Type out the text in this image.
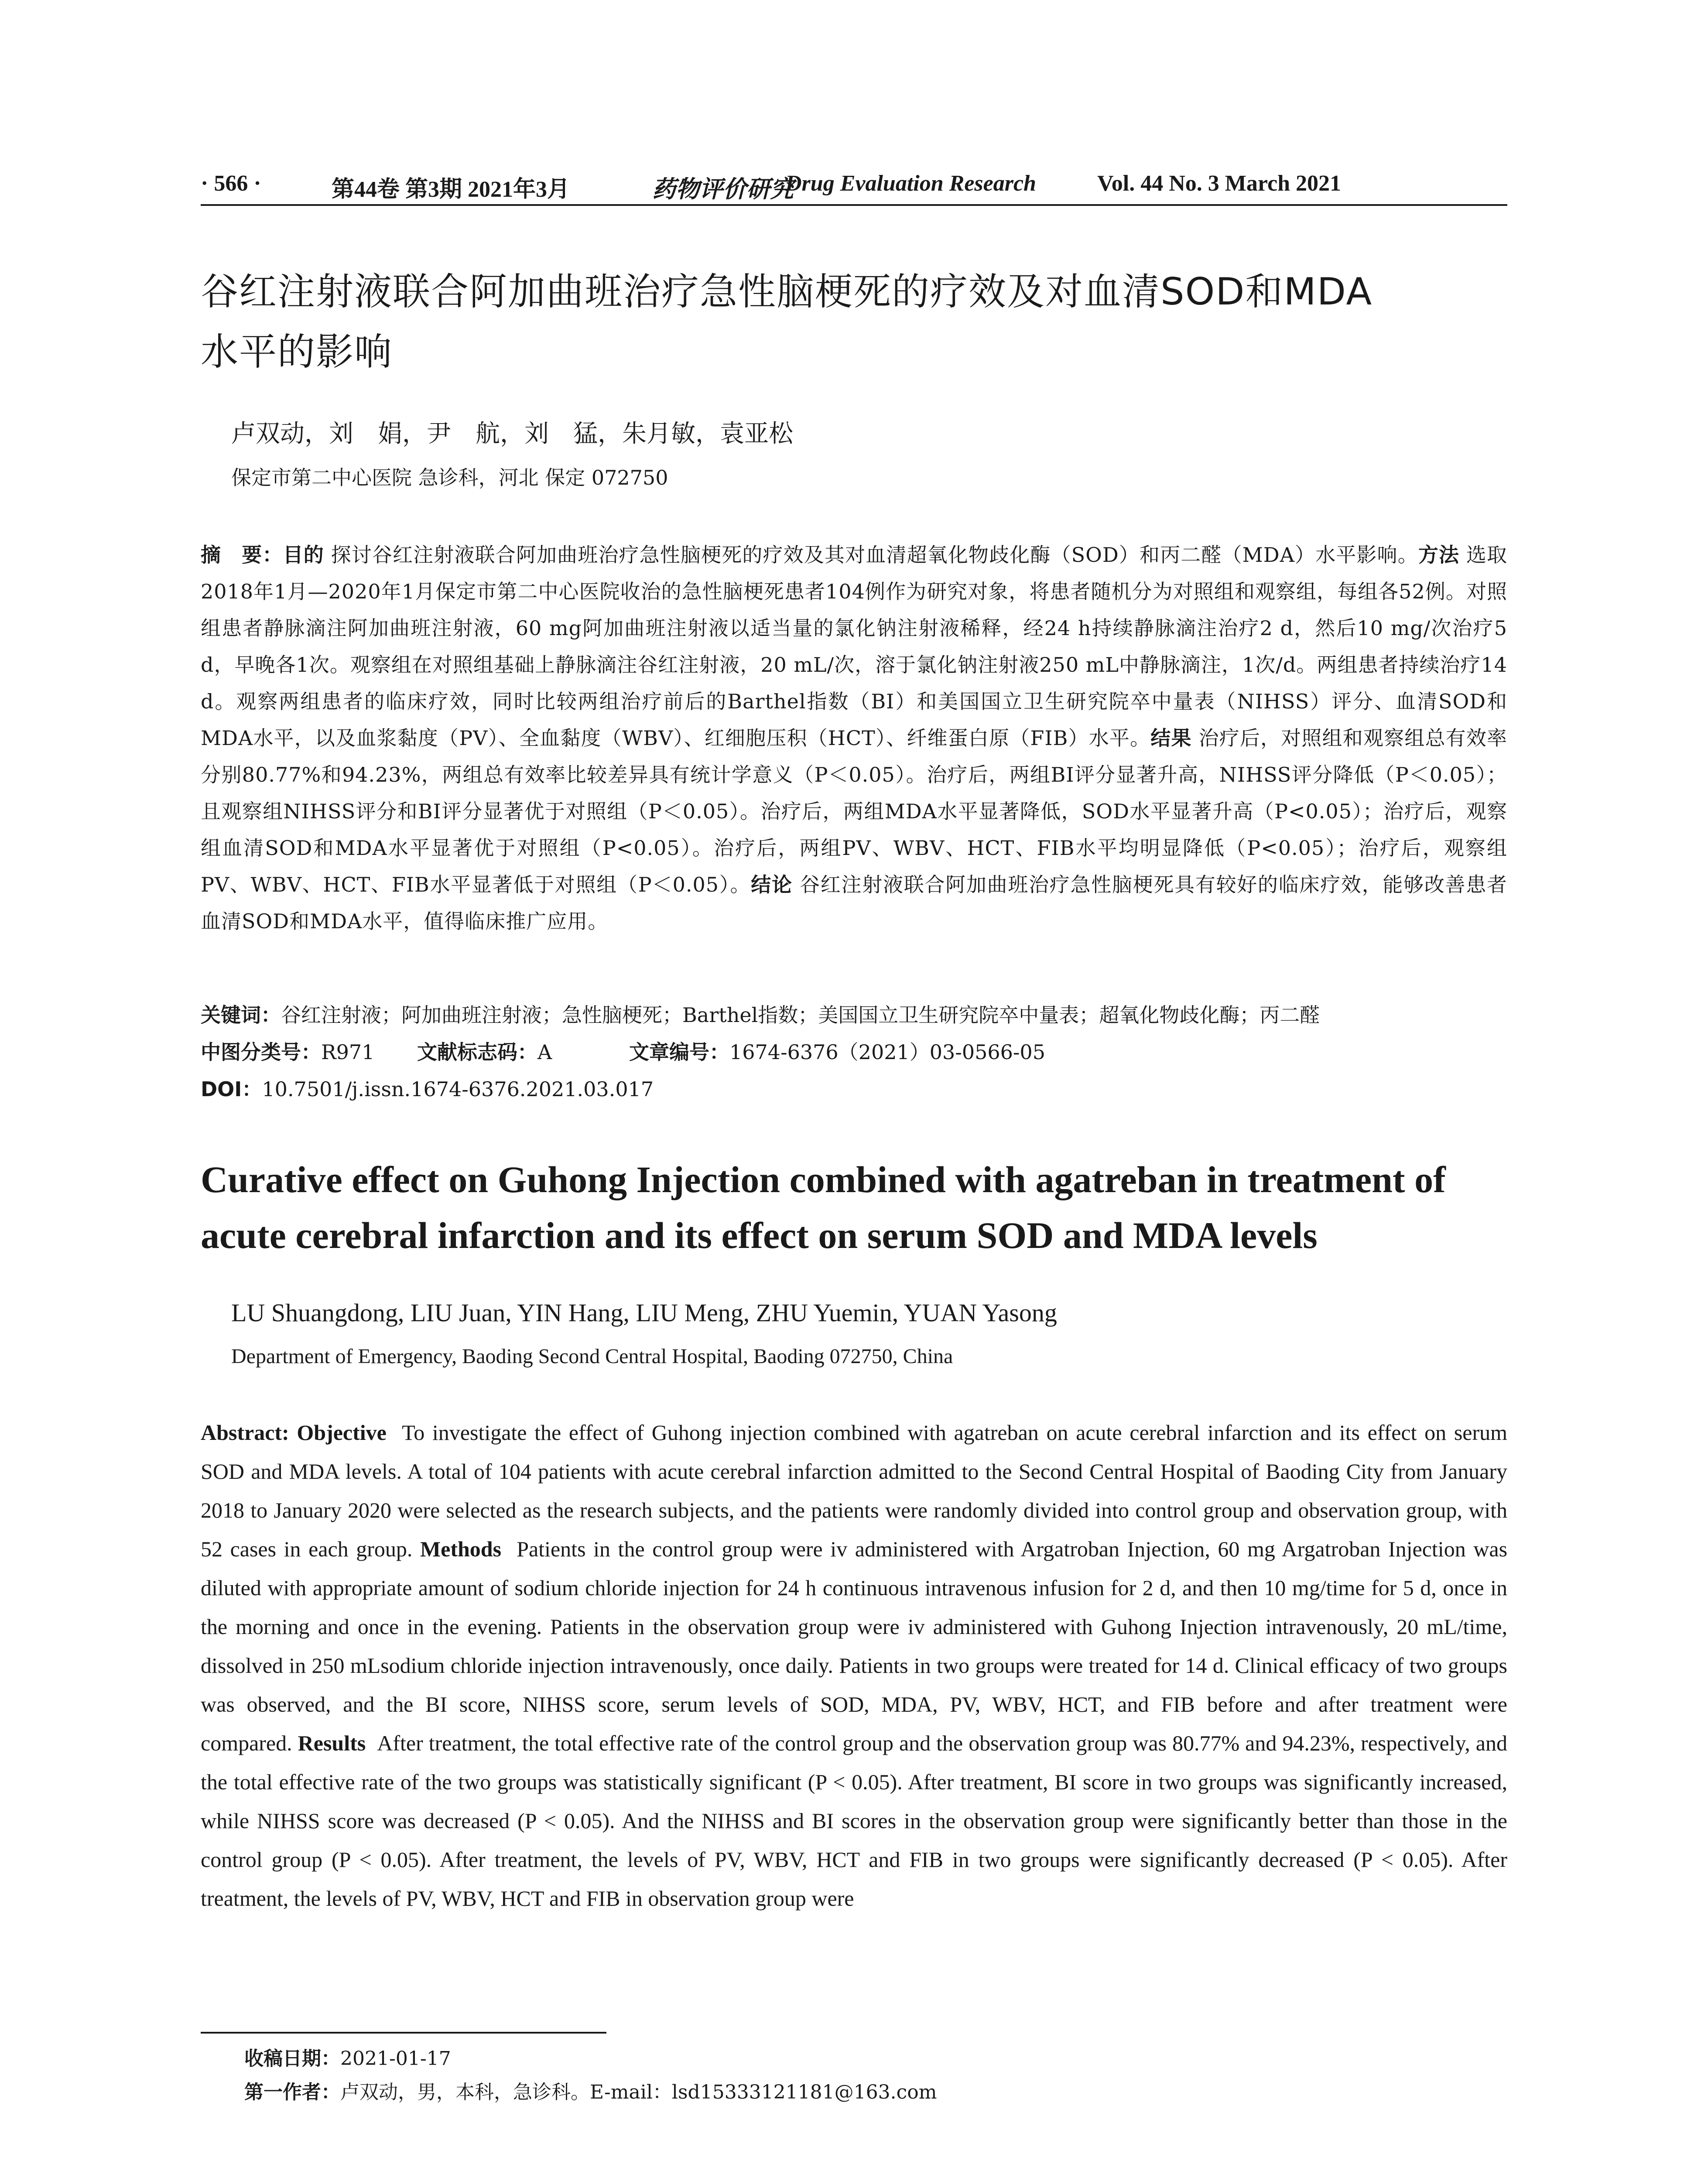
· 566 ·	第44卷 第3期 2021年3月	药物评价研究
Drug Evaluation Research	Vol. 44 No. 3 March 2021
谷红注射液联合阿加曲班治疗急性脑梗死的疗效及对血清SOD和MDA
水平的影响
卢双动，刘　娟，尹　航，刘　猛，朱月敏，袁亚松
保定市第二中心医院 急诊科，河北 保定 072750
摘　要：目的 探讨谷红注射液联合阿加曲班治疗急性脑梗死的疗效及其对血清超氧化物歧化酶（SOD）和丙二醛（MDA）水平影响。方法 选取2018年1月—2020年1月保定市第二中心医院收治的急性脑梗死患者104例作为研究对象，将患者随机分为对照组和观察组，每组各52例。对照组患者静脉滴注阿加曲班注射液，60 mg阿加曲班注射液以适当量的氯化钠注射液稀释，经24 h持续静脉滴注治疗2 d，然后10 mg/次治疗5 d，早晚各1次。观察组在对照组基础上静脉滴注谷红注射液，20 mL/次，溶于氯化钠注射液250 mL中静脉滴注，1次/d。两组患者持续治疗14 d。观察两组患者的临床疗效，同时比较两组治疗前后的Barthel指数（BI）和美国国立卫生研究院卒中量表（NIHSS）评分、血清SOD和MDA水平，以及血浆黏度（PV）、全血黏度（WBV）、红细胞压积（HCT）、纤维蛋白原（FIB）水平。结果 治疗后，对照组和观察组总有效率分别80.77%和94.23%，两组总有效率比较差异具有统计学意义（P＜0.05）。治疗后，两组BI评分显著升高，NIHSS评分降低（P＜0.05）；且观察组NIHSS评分和BI评分显著优于对照组（P＜0.05）。治疗后，两组MDA水平显著降低，SOD水平显著升高（P<0.05）；治疗后，观察组血清SOD和MDA水平显著优于对照组（P<0.05）。治疗后，两组PV、WBV、HCT、FIB水平均明显降低（P<0.05）；治疗后，观察组PV、WBV、HCT、FIB水平显著低于对照组（P＜0.05）。结论 谷红注射液联合阿加曲班治疗急性脑梗死具有较好的临床疗效，能够改善患者血清SOD和MDA水平，值得临床推广应用。
关键词：谷红注射液；阿加曲班注射液；急性脑梗死；Barthel指数；美国国立卫生研究院卒中量表；超氧化物歧化酶；丙二醛
中图分类号：R971 文献标志码：A	文章编号：1674-6376（2021）03-0566-05
DOI：10.7501/j.issn.1674-6376.2021.03.017
Curative effect on Guhong Injection combined with agatreban in treatment of
acute cerebral infarction and its effect on serum SOD and MDA levels
LU Shuangdong, LIU Juan, YIN Hang, LIU Meng, ZHU Yuemin, YUAN Yasong
Department of Emergency, Baoding Second Central Hospital, Baoding 072750, China
Abstract: Objective To investigate the effect of Guhong injection combined with agatreban on acute cerebral infarction and its effect on serum SOD and MDA levels. A total of 104 patients with acute cerebral infarction admitted to the Second Central Hospital of Baoding City from January 2018 to January 2020 were selected as the research subjects, and the patients were randomly divided into control group and observation group, with 52 cases in each group. Methods Patients in the control group were iv administered with Argatroban Injection, 60 mg Argatroban Injection was diluted with appropriate amount of sodium chloride injection for 24 h continuous intravenous infusion for 2 d, and then 10 mg/time for 5 d, once in the morning and once in the evening. Patients in the observation group were iv administered with Guhong Injection intravenously, 20 mL/time, dissolved in 250 mLsodium chloride injection intravenously, once daily. Patients in two groups were treated for 14 d. Clinical efficacy of two groups was observed, and the BI score, NIHSS score, serum levels of SOD, MDA, PV, WBV, HCT, and FIB before and after treatment were compared. Results After treatment, the total effective rate of the control group and the observation group was 80.77% and 94.23%, respectively, and the total effective rate of the two groups was statistically significant (P < 0.05). After treatment, BI score in two groups was significantly increased, while NIHSS score was decreased (P < 0.05). And the NIHSS and BI scores in the observation group were significantly better than those in the control group (P < 0.05). After treatment, the levels of PV, WBV, HCT and FIB in two groups were significantly decreased (P < 0.05). After treatment, the levels of PV, WBV, HCT and FIB in observation group were
收稿日期：2021-01-17
第一作者：卢双动，男，本科，急诊科。E-mail：lsd15333121181@163.com
